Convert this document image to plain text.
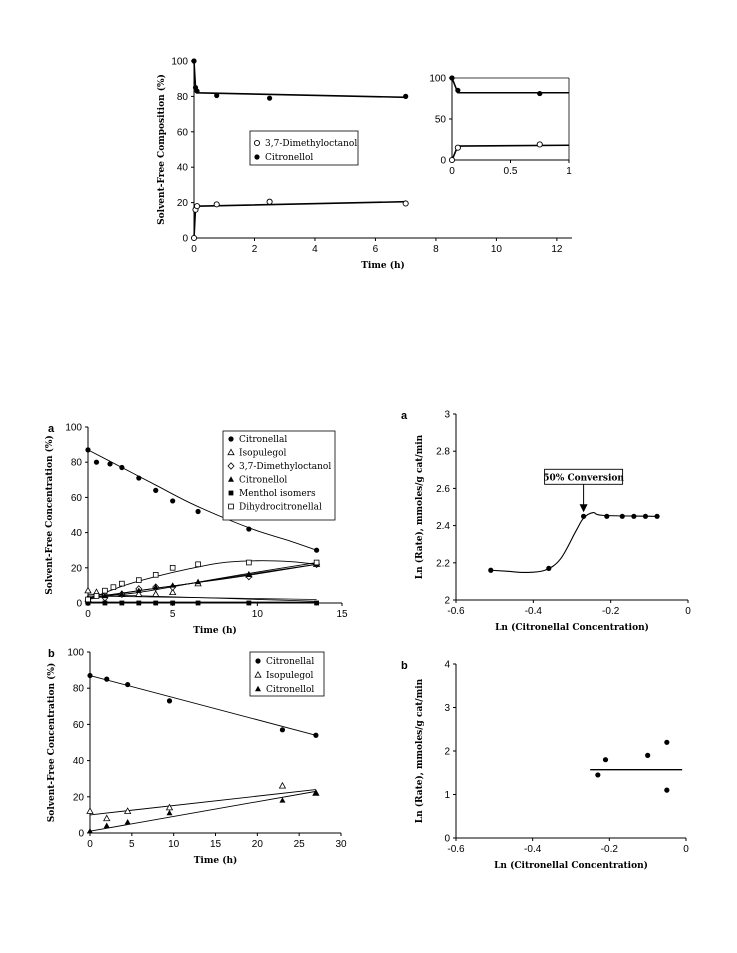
0	2	4	6	8	10	12
0
20
40
60
80
100
Time (h)
Solvent-Free Composition (%)	3,7-Dimethyloctanol
Citronellol
0	0.5	1
0
50
100
0	5	10	15
0
20
40
60
80
100
Time (h)
Solvent-Free Concentration (%)
a
Citronellal
Isopulegol
3,7-Dimethyloctanol
Citronellol
Menthol isomers
Dihydrocitronellal
0	5	10	15	20	25	30
0
20
40
60
80
100
Time (h)
Solvent-Free Concentration (%)
b
Citronellal
Isopulegol
Citronellol
-0.6	-0.4	-0.2	0
2
2.2
2.4
2.6
2.8
3
Ln (Citronellal Concentration)
Ln (Rate), mmoles/g cat/min
a
50% Conversion
-0.6	-0.4	-0.2	0
0
1
2
3
4
Ln (Citronellal Concentration)
Ln (Rate), mmoles/g cat/min
b
